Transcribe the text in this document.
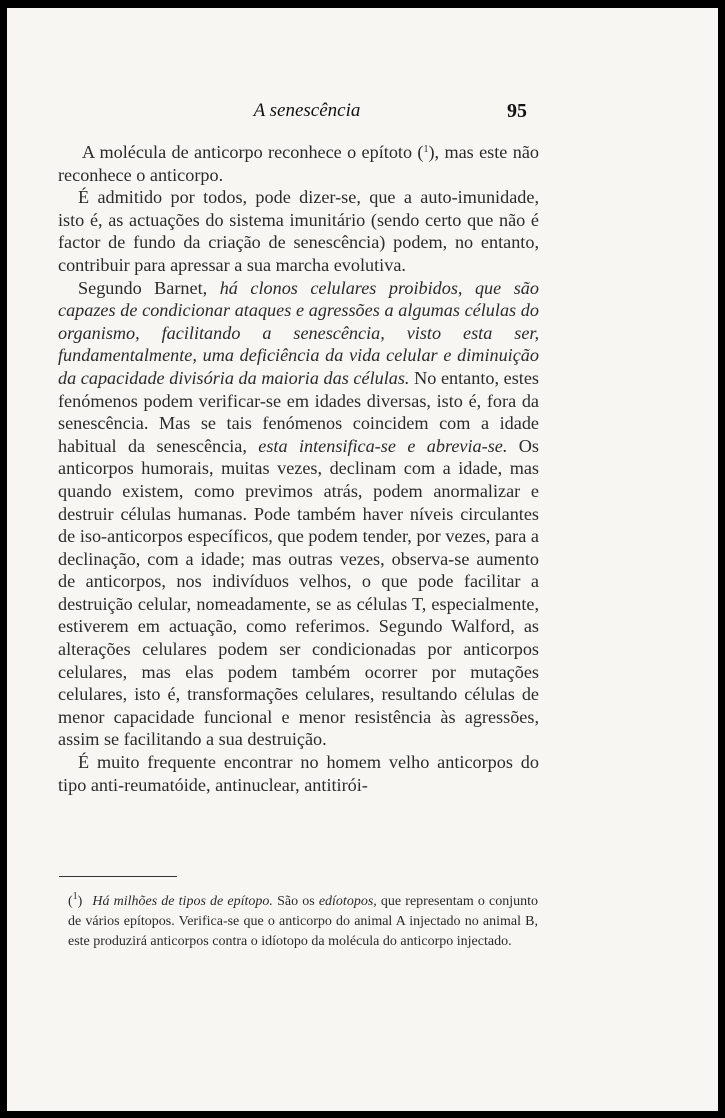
A senescência	95

A molécula de anticorpo reconhece o epítoto ($^1$), mas este não reconhece o anticorpo.

É admitido por todos, pode dizer-se, que a auto-imunidade, isto é, as actuações do sistema imunitário (sendo certo que não é factor de fundo da criação de senescência) podem, no entanto, contribuir para apressar a sua marcha evolutiva.

Segundo Barnet, há clonos celulares proibidos, que são capazes de condicionar ataques e agressões a algumas células do organismo, facilitando a senescência, visto esta ser, fundamentalmente, uma deficiência da vida celular e diminuição da capacidade divisória da maioria das células. No entanto, estes fenómenos podem verificar-se em idades diversas, isto é, fora da senescência. Mas se tais fenómenos coincidem com a idade habitual da senescência, esta intensifica-se e abrevia-se. Os anticorpos humorais, muitas vezes, declinam com a idade, mas quando existem, como previmos atrás, podem anormalizar e destruir células humanas. Pode também haver níveis circulantes de iso-anticorpos específicos, que podem tender, por vezes, para a declinação, com a idade; mas outras vezes, observa-se aumento de anticorpos, nos indivíduos velhos, o que pode facilitar a destruição celular, nomeadamente, se as células T, especialmente, estiverem em actuação, como referimos. Segundo Walford, as alterações celulares podem ser condicionadas por anticorpos celulares, mas elas podem também ocorrer por mutações celulares, isto é, transformações celulares, resultando células de menor capacidade funcional e menor resistência às agressões, assim se facilitando a sua destruição.

É muito frequente encontrar no homem velho anticorpos do tipo anti-reumatóide, antinuclear, antitirói-

($^1$) Há milhões de tipos de epítopo. São os edíotopos, que representam o conjunto de vários epítopos. Verifica-se que o anticorpo do animal A injectado no animal B, este produzirá anticorpos contra o idíotopo da molécula do anticorpo injectado.
